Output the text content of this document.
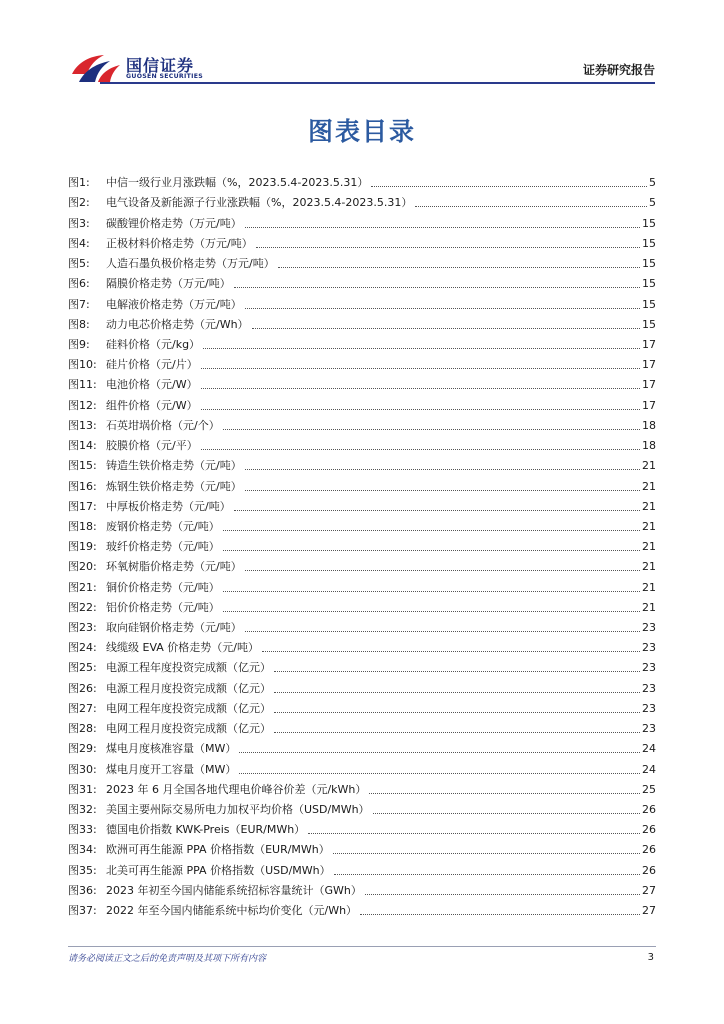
国信证券
GUOSEN SECURITIES	证券研究报告
图表目录
图1:	中信一级行业月涨跌幅（%，2023.5.4-2023.5.31）	5
图2:	电气设备及新能源子行业涨跌幅（%，2023.5.4-2023.5.31）	5
图3:	碳酸锂价格走势（万元/吨）	15
图4:	正极材料价格走势（万元/吨）	15
图5:	人造石墨负极价格走势（万元/吨）	15
图6:	隔膜价格走势（万元/吨）	15
图7:	电解液价格走势（万元/吨）	15
图8:	动力电芯价格走势（元/Wh）	15
图9:	硅料价格（元/kg）	17
图10: 硅片价格（元/片）	17
图11: 电池价格（元/W）	17
图12: 组件价格（元/W）	17
图13: 石英坩埚价格（元/个）	18
图14: 胶膜价格（元/平）	18
图15: 铸造生铁价格走势（元/吨）	21
图16: 炼钢生铁价格走势（元/吨）	21
图17: 中厚板价格走势（元/吨）	21
图18: 废钢价格走势（元/吨）	21
图19: 玻纤价格走势（元/吨）	21
图20: 环氧树脂价格走势（元/吨）	21
图21: 铜价价格走势（元/吨）	21
图22: 铝价价格走势（元/吨）	21
图23: 取向硅钢价格走势（元/吨）	23
图24: 线缆级 EVA 价格走势（元/吨）	23
图25: 电源工程年度投资完成额（亿元）	23
图26: 电源工程月度投资完成额（亿元）	23
图27: 电网工程年度投资完成额（亿元）	23
图28: 电网工程月度投资完成额（亿元）	23
图29: 煤电月度核准容量（MW）	24
图30: 煤电月度开工容量（MW）	24
图31: 2023 年 6 月全国各地代理电价峰谷价差（元/kWh）	25
图32: 美国主要州际交易所电力加权平均价格（USD/MWh）	26
图33: 德国电价指数 KWK-Preis（EUR/MWh）	26
图34: 欧洲可再生能源 PPA 价格指数（EUR/MWh）	26
图35: 北美可再生能源 PPA 价格指数（USD/MWh）	26
图36: 2023 年初至今国内储能系统招标容量统计（GWh）	27
图37: 2022 年至今国内储能系统中标均价变化（元/Wh）	27
请务必阅读正文之后的免责声明及其项下所有内容	3
